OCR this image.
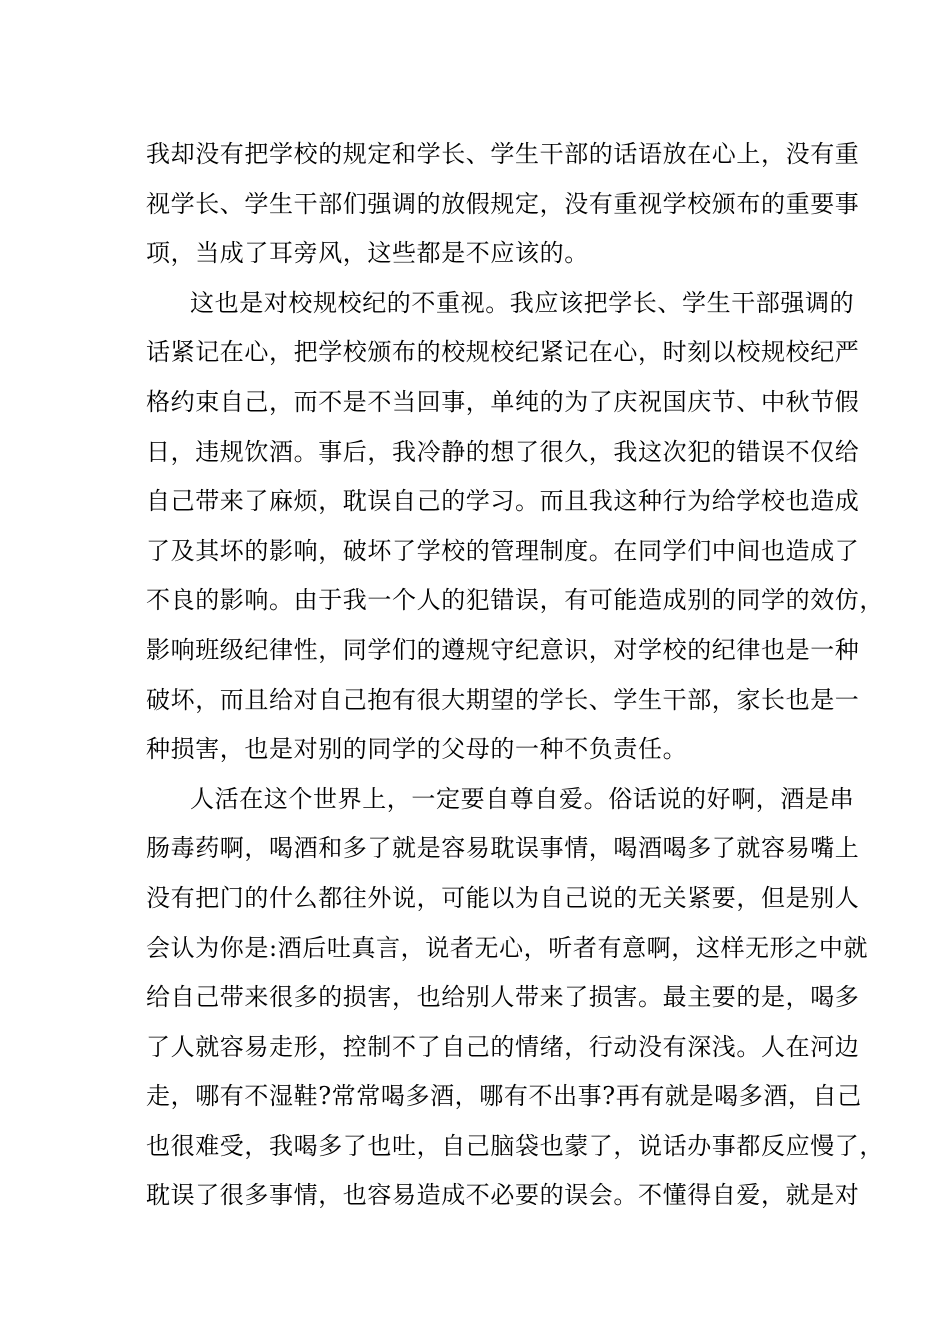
我却没有把学校的规定和学长、学生干部的话语放在心上，没有重
视学长、学生干部们强调的放假规定，没有重视学校颁布的重要事
项，当成了耳旁风，这些都是不应该的。
这也是对校规校纪的不重视。我应该把学长、学生干部强调的
话紧记在心，把学校颁布的校规校纪紧记在心，时刻以校规校纪严
格约束自己，而不是不当回事，单纯的为了庆祝国庆节、中秋节假
日，违规饮酒。事后，我冷静的想了很久，我这次犯的错误不仅给
自己带来了麻烦，耽误自己的学习。而且我这种行为给学校也造成
了及其坏的影响，破坏了学校的管理制度。在同学们中间也造成了
不良的影响。由于我一个人的犯错误，有可能造成别的同学的效仿，
影响班级纪律性，同学们的遵规守纪意识，对学校的纪律也是一种
破坏，而且给对自己抱有很大期望的学长、学生干部，家长也是一
种损害，也是对别的同学的父母的一种不负责任。
人活在这个世界上，一定要自尊自爱。俗话说的好啊，酒是串
肠毒药啊，喝酒和多了就是容易耽误事情，喝酒喝多了就容易嘴上
没有把门的什么都往外说，可能以为自己说的无关紧要，但是别人
会认为你是:酒后吐真言，说者无心，听者有意啊，这样无形之中就
给自己带来很多的损害，也给别人带来了损害。最主要的是，喝多
了人就容易走形，控制不了自己的情绪，行动没有深浅。人在河边
走，哪有不湿鞋?常常喝多酒，哪有不出事?再有就是喝多酒，自己
也很难受，我喝多了也吐，自己脑袋也蒙了，说话办事都反应慢了，
耽误了很多事情，也容易造成不必要的误会。不懂得自爱，就是对
